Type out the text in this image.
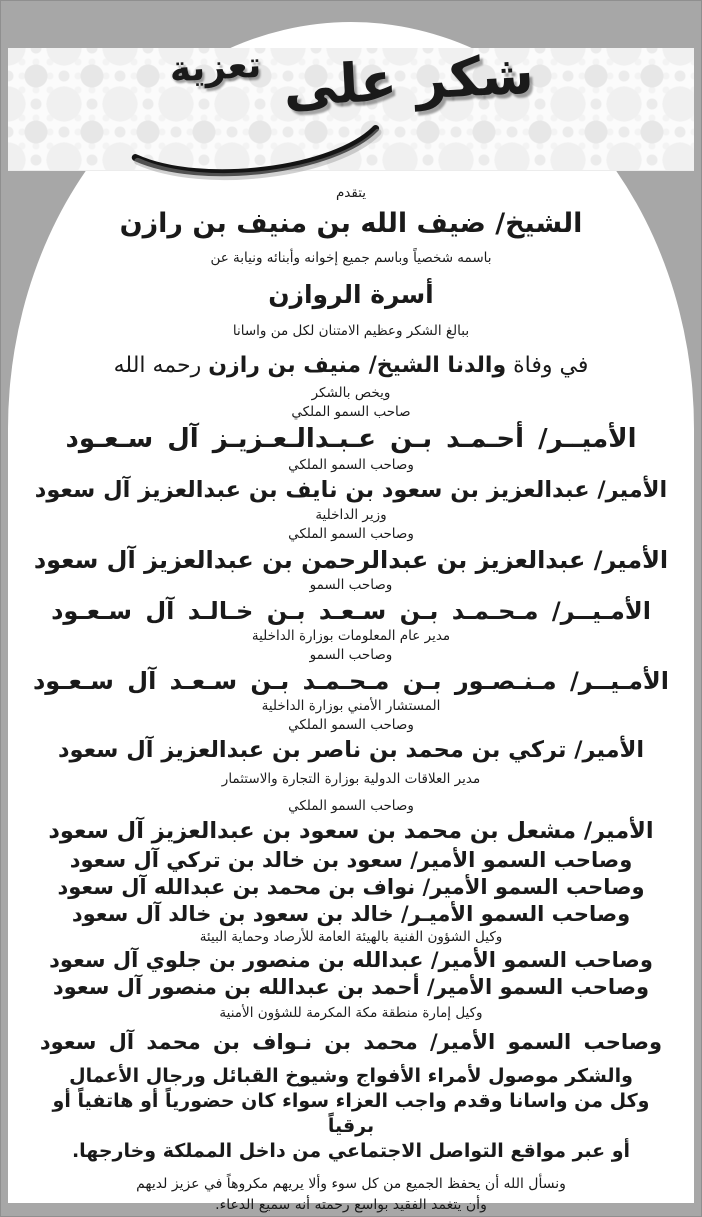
شكر على تعزية
يتقدم
الشيخ/ ضيف الله بن منيف بن رازن
باسمه شخصياً وباسم جميع إخوانه وأبنائه ونيابة عن
أسرة الروازن
ببالغ الشكر وعظيم الامتنان لكل من واسانا
في وفاة والدنا الشيخ/ منيف بن رازن رحمه الله
ويخص بالشكر
صاحب السمو الملكي
الأميــر/ أحـمـد بـن عـبـدالـعـزيـز آل سـعـود
وصاحب السمو الملكي
الأمير/ عبدالعزيز بن سعود بن نايف بن عبدالعزيز آل سعود
وزير الداخلية
وصاحب السمو الملكي
الأمير/ عبدالعزيز بن عبدالرحمن بن عبدالعزيز آل سعود
وصاحب السمو
الأمـيــر/ مـحـمـد بـن سـعـد بـن خـالـد آل سـعـود
مدير عام المعلومات بوزارة الداخلية
وصاحب السمو
الأمـيــر/ مـنـصـور بـن مـحـمـد بـن سـعـد آل سـعـود
المستشار الأمني بوزارة الداخلية
وصاحب السمو الملكي
الأمير/ تركي بن محمد بن ناصر بن عبدالعزيز آل سعود
مدير العلاقات الدولية بوزارة التجارة والاستثمار
وصاحب السمو الملكي
الأمير/ مشعل بن محمد بن سعود بن عبدالعزيز آل سعود
وصاحب السمو الأمير/ سعود بن خالد بن تركي آل سعود
وصاحب السمو الأمير/ نواف بن محمد بن عبدالله آل سعود
وصاحب السمو الأميـر/ خالد بن سعود بن خالد آل سعود
وكيل الشؤون الفنية بالهيئة العامة للأرصاد وحماية البيئة
وصاحب السمو الأمير/ عبدالله بن منصور بن جلوي آل سعود
وصاحب السمو الأمير/ أحمد بن عبدالله بن منصور آل سعود
وكيل إمارة منطقة مكة المكرمة للشؤون الأمنية
وصاحب السمو الأمير/ محمد بن نـواف بن محمد آل سعود
والشكر موصول لأمراء الأفواج وشيوخ القبائل ورجال الأعمال
وكل من واسانا وقدم واجب العزاء سواء كان حضورياً أو هاتفياً أو برقياً
أو عبر مواقع التواصل الاجتماعي من داخل المملكة وخارجها.
ونسأل الله أن يحفظ الجميع من كل سوء وألا يريهم مكروهاً في عزيز لديهم
وأن يتغمد الفقيد بواسع رحمته أنه سميع الدعاء.
